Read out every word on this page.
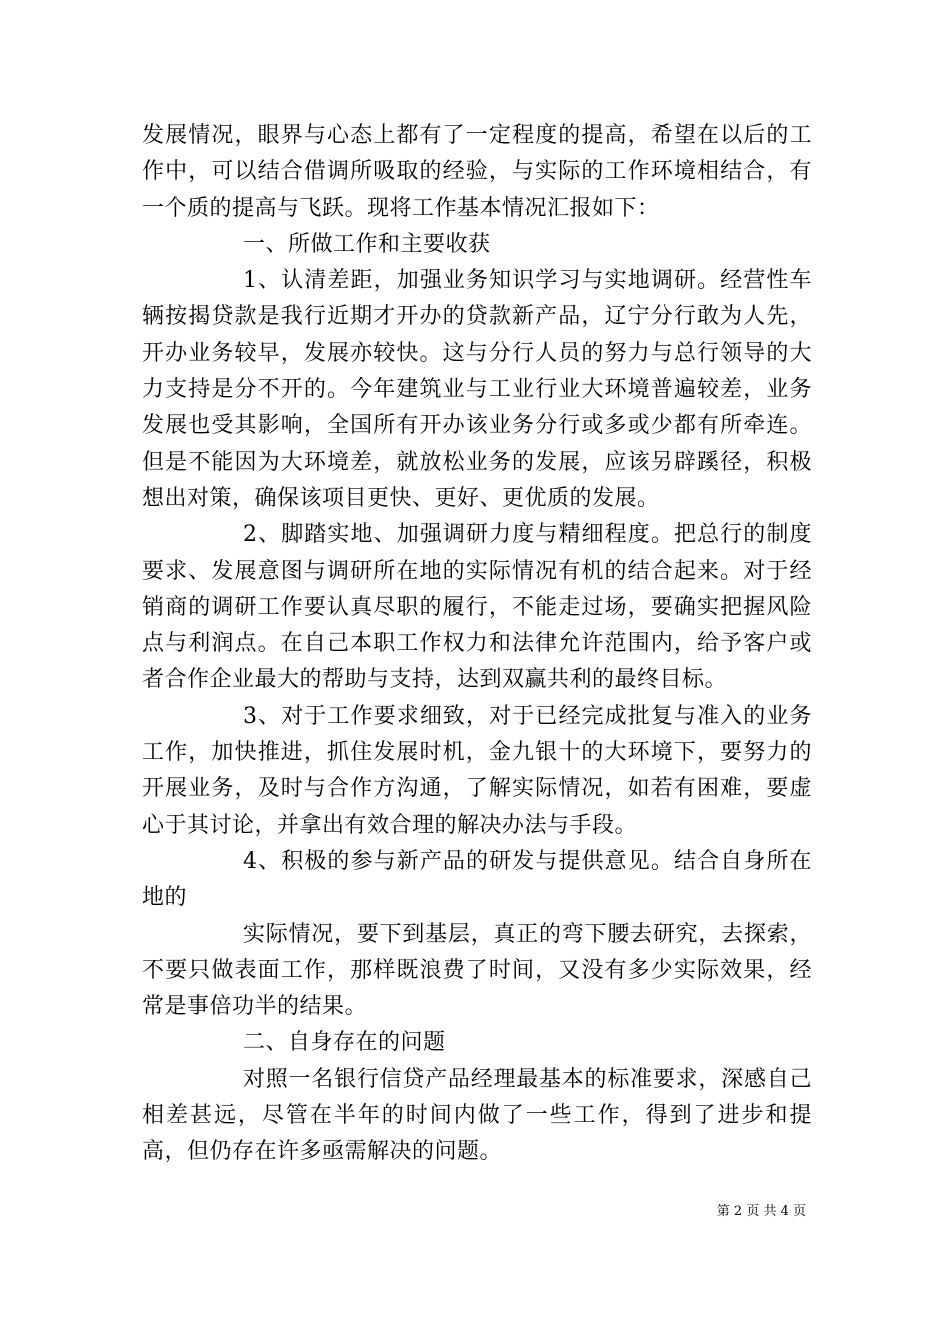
发展情况，眼界与心态上都有了一定程度的提高，希望在以后的工作中，可以结合借调所吸取的经验，与实际的工作环境相结合，有一个质的提高与飞跃。现将工作基本情况汇报如下：

一、所做工作和主要收获

1、认清差距，加强业务知识学习与实地调研。经营性车辆按揭贷款是我行近期才开办的贷款新产品，辽宁分行敢为人先，开办业务较早，发展亦较快。这与分行人员的努力与总行领导的大力支持是分不开的。今年建筑业与工业行业大环境普遍较差，业务发展也受其影响，全国所有开办该业务分行或多或少都有所牵连。但是不能因为大环境差，就放松业务的发展，应该另辟蹊径，积极想出对策，确保该项目更快、更好、更优质的发展。

2、脚踏实地、加强调研力度与精细程度。把总行的制度要求、发展意图与调研所在地的实际情况有机的结合起来。对于经销商的调研工作要认真尽职的履行，不能走过场，要确实把握风险点与利润点。在自己本职工作权力和法律允许范围内，给予客户或者合作企业最大的帮助与支持，达到双赢共利的最终目标。

3、对于工作要求细致，对于已经完成批复与准入的业务工作，加快推进，抓住发展时机，金九银十的大环境下，要努力的开展业务，及时与合作方沟通，了解实际情况，如若有困难，要虚心于其讨论，并拿出有效合理的解决办法与手段。

4、积极的参与新产品的研发与提供意见。结合自身所在地的

实际情况，要下到基层，真正的弯下腰去研究，去探索，不要只做表面工作，那样既浪费了时间，又没有多少实际效果，经常是事倍功半的结果。

二、自身存在的问题

对照一名银行信贷产品经理最基本的标准要求，深感自己相差甚远，尽管在半年的时间内做了一些工作，得到了进步和提高，但仍存在许多亟需解决的问题。

第 2 页 共 4 页
